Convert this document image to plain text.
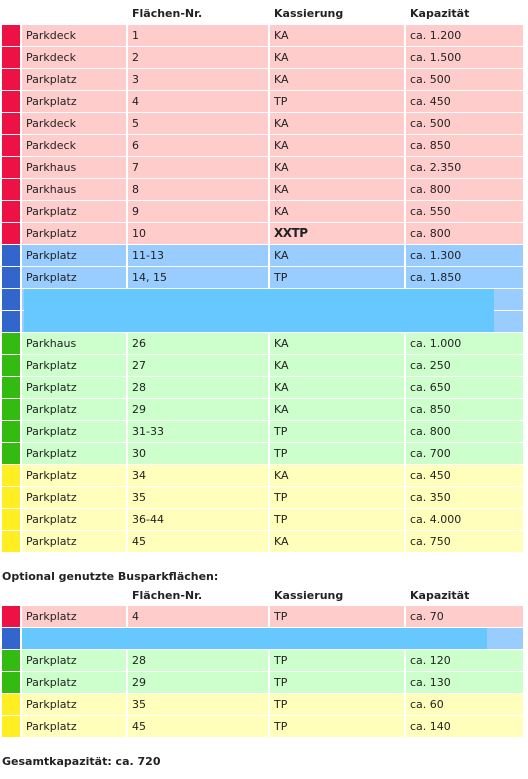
Flächen-Nr.	Kassierung	Kapazität
Parkdeck	1	KA	ca. 1.200
Parkdeck	2	KA	ca. 1.500
Parkplatz	3	KA	ca. 500
Parkplatz	4	TP	ca. 450
Parkdeck	5	KA	ca. 500
Parkdeck	6	KA	ca. 850
Parkhaus	7	KA	ca. 2.350
Parkhaus	8	KA	ca. 800
Parkplatz	9	KA	ca. 550
Parkplatz	10	XXTP	ca. 800
Parkplatz	11-13	KA	ca. 1.300
Parkplatz	14, 15	TP	ca. 1.850
Parkhaus	26	KA	ca. 1.000
Parkplatz	27	KA	ca. 250
Parkplatz	28	KA	ca. 650
Parkplatz	29	KA	ca. 850
Parkplatz	31-33	TP	ca. 800
Parkplatz	30	TP	ca. 700
Parkplatz	34	KA	ca. 450
Parkplatz	35	TP	ca. 350
Parkplatz	36-44	TP	ca. 4.000
Parkplatz	45	KA	ca. 750
Optional genutzte Busparkflächen:
Flächen-Nr.	Kassierung	Kapazität
Parkplatz	4	TP	ca. 70
Parkplatz	28	TP	ca. 120
Parkplatz	29	TP	ca. 130
Parkplatz	35	TP	ca. 60
Parkplatz	45	TP	ca. 140
Gesamtkapazität: ca. 720
